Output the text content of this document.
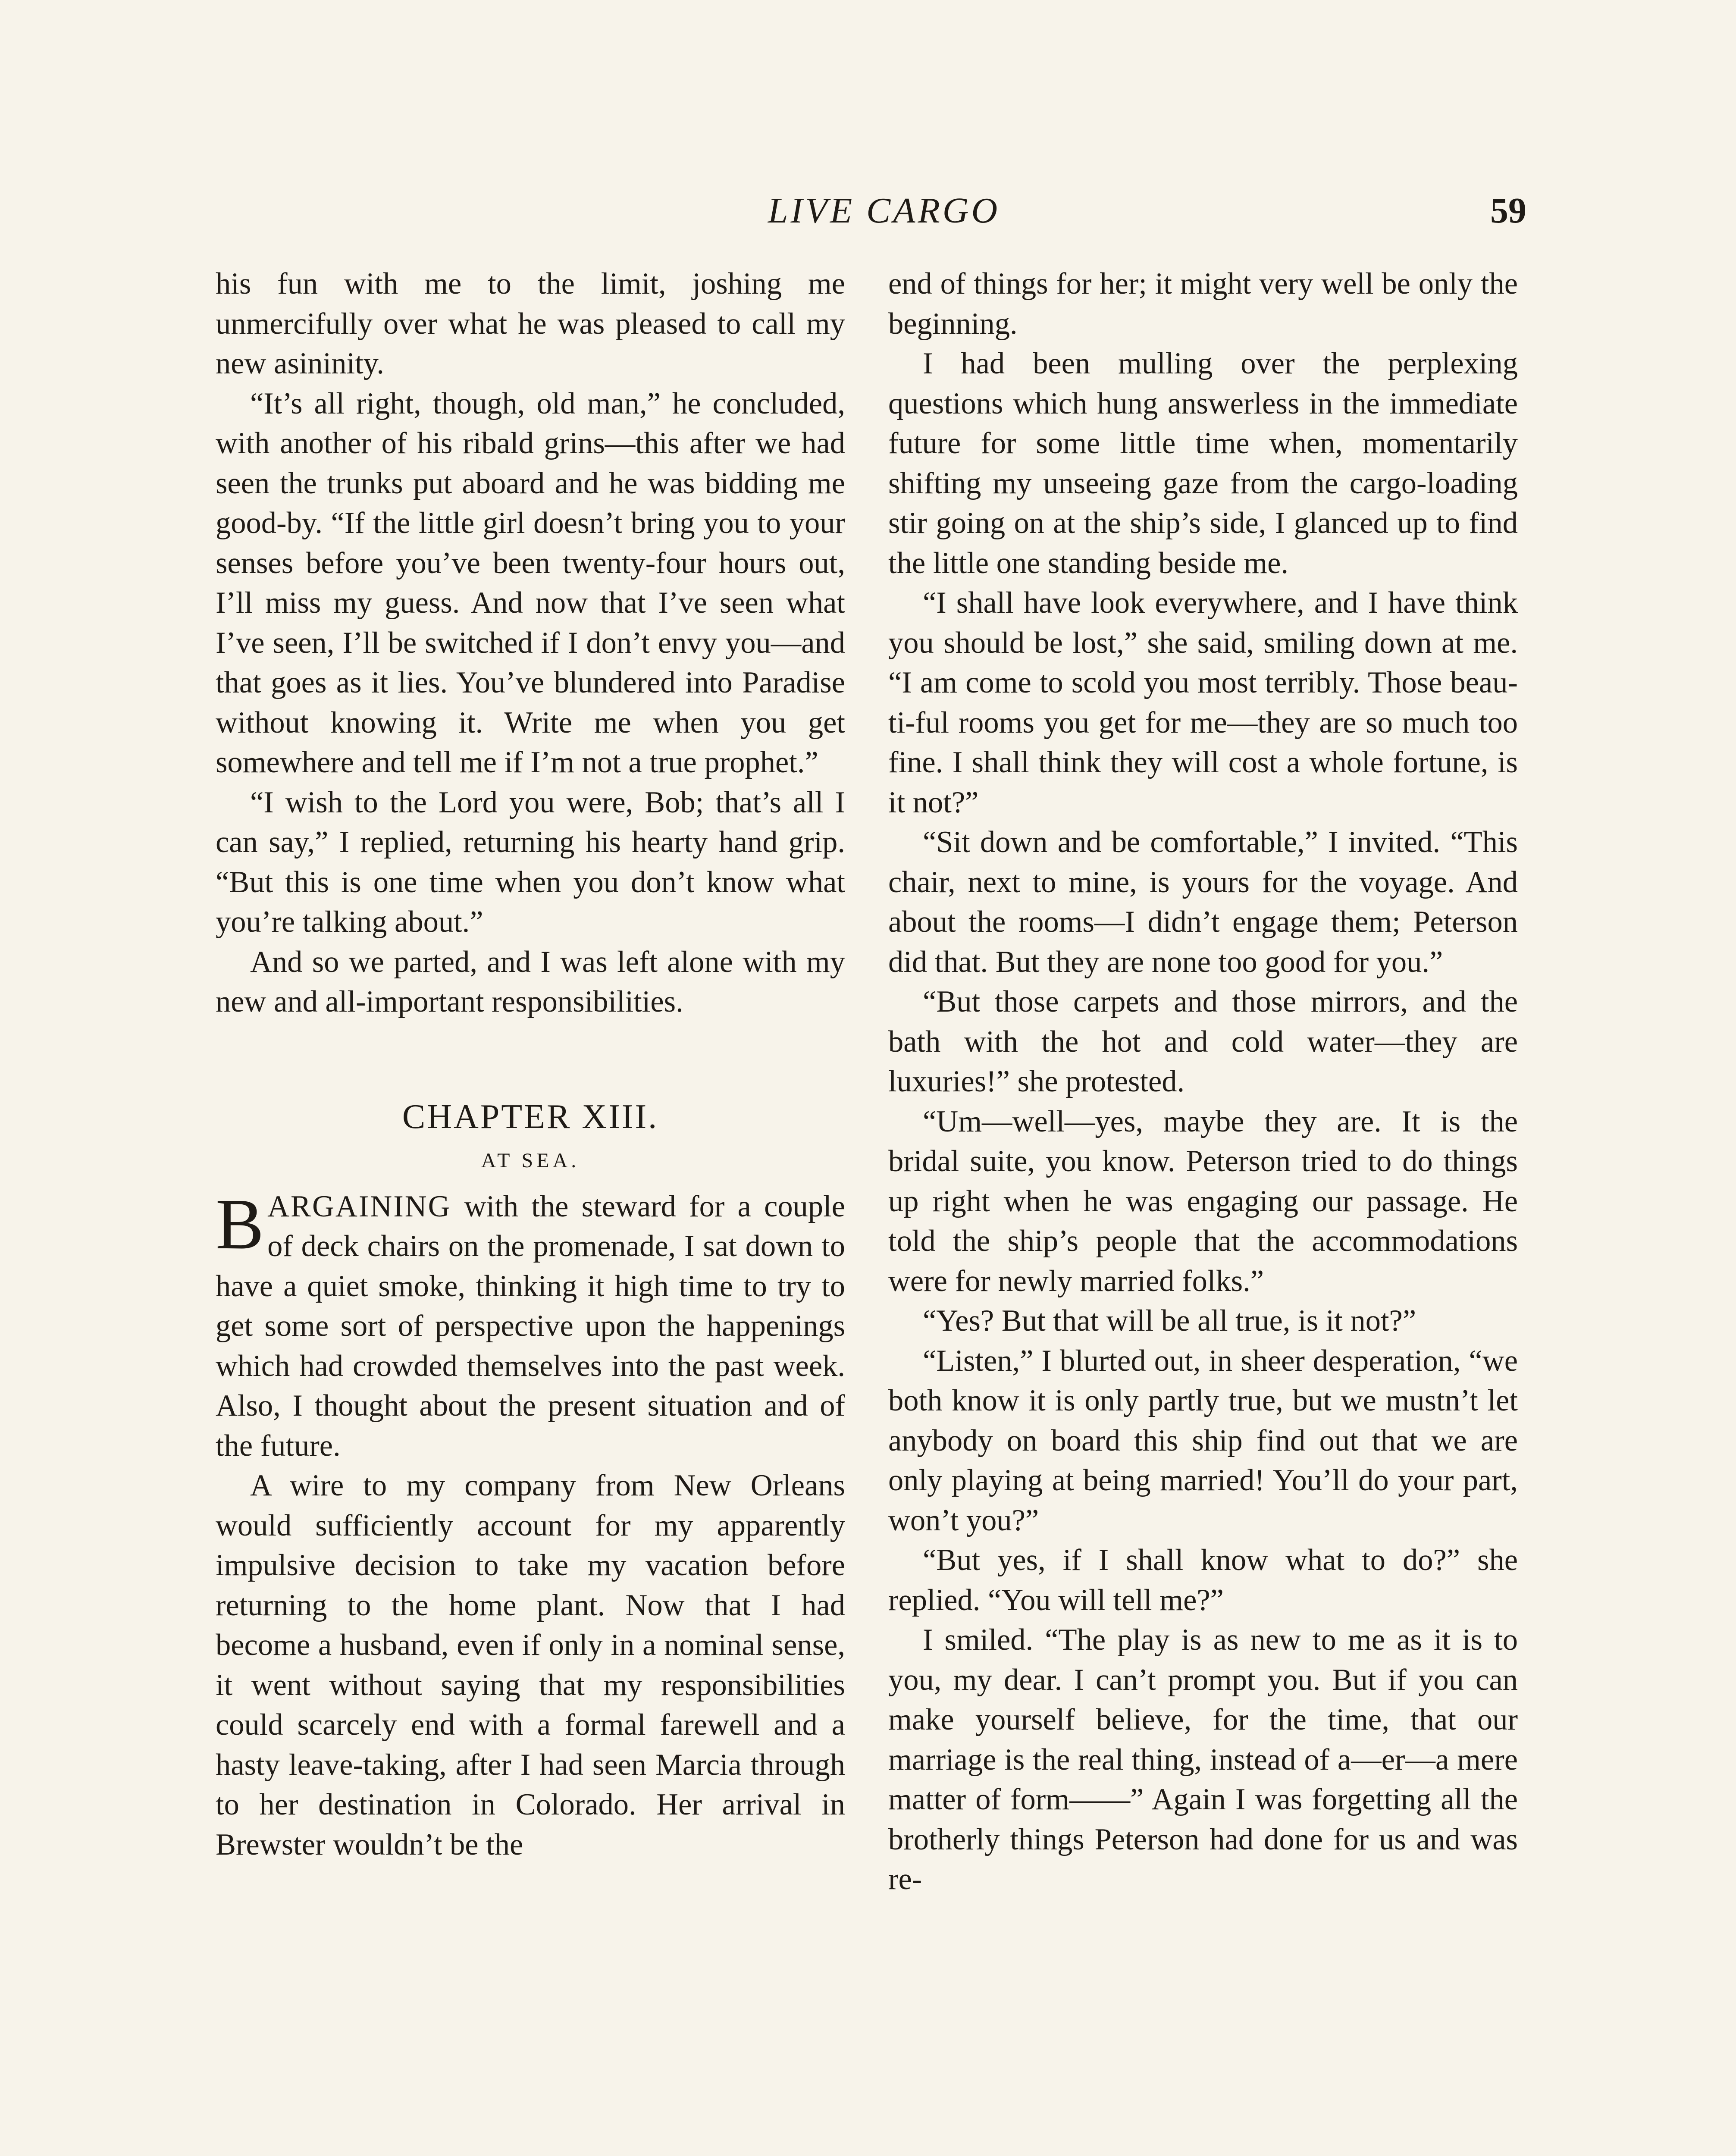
LIVE CARGO	59

his fun with me to the limit, joshing me unmercifully over what he was pleased to call my new asininity.

“It’s all right, though, old man,” he concluded, with another of his ribald grins—this after we had seen the trunks put aboard and he was bidding me good-by. “If the little girl doesn’t bring you to your senses before you’ve been twenty-four hours out, I’ll miss my guess. And now that I’ve seen what I’ve seen, I’ll be switched if I don’t envy you—and that goes as it lies. You’ve blundered into Paradise without knowing it. Write me when you get somewhere and tell me if I’m not a true prophet.”

“I wish to the Lord you were, Bob; that’s all I can say,” I replied, returning his hearty hand grip. “But this is one time when you don’t know what you’re talking about.”

And so we parted, and I was left alone with my new and all-important responsibilities.

CHAPTER XIII.
AT SEA.

BARGAINING with the steward for a couple of deck chairs on the promenade, I sat down to have a quiet smoke, thinking it high time to try to get some sort of perspective upon the happenings which had crowded themselves into the past week. Also, I thought about the present situation and of the future.

A wire to my company from New Orleans would sufficiently account for my apparently impulsive decision to take my vacation before returning to the home plant. Now that I had become a husband, even if only in a nominal sense, it went without saying that my responsibilities could scarcely end with a formal farewell and a hasty leave-taking, after I had seen Marcia through to her destination in Colorado. Her arrival in Brewster wouldn’t be the

end of things for her; it might very well be only the beginning.

I had been mulling over the perplexing questions which hung answerless in the immediate future for some little time when, momentarily shifting my unseeing gaze from the cargo-loading stir going on at the ship’s side, I glanced up to find the little one standing beside me.

“I shall have look everywhere, and I have think you should be lost,” she said, smiling down at me. “I am come to scold you most terribly. Those beau-ti-ful rooms you get for me—they are so much too fine. I shall think they will cost a whole fortune, is it not?”

“Sit down and be comfortable,” I invited. “This chair, next to mine, is yours for the voyage. And about the rooms—I didn’t engage them; Peterson did that. But they are none too good for you.”

“But those carpets and those mirrors, and the bath with the hot and cold water—they are luxuries!” she protested.

“Um—well—yes, maybe they are. It is the bridal suite, you know. Peterson tried to do things up right when he was engaging our passage. He told the ship’s people that the accommodations were for newly married folks.”

“Yes? But that will be all true, is it not?”

“Listen,” I blurted out, in sheer desperation, “we both know it is only partly true, but we mustn’t let anybody on board this ship find out that we are only playing at being married! You’ll do your part, won’t you?”

“But yes, if I shall know what to do?” she replied. “You will tell me?”

I smiled. “The play is as new to me as it is to you, my dear. I can’t prompt you. But if you can make yourself believe, for the time, that our marriage is the real thing, instead of a—er—a mere matter of form——” Again I was forgetting all the brotherly things Peterson had done for us and was re-
